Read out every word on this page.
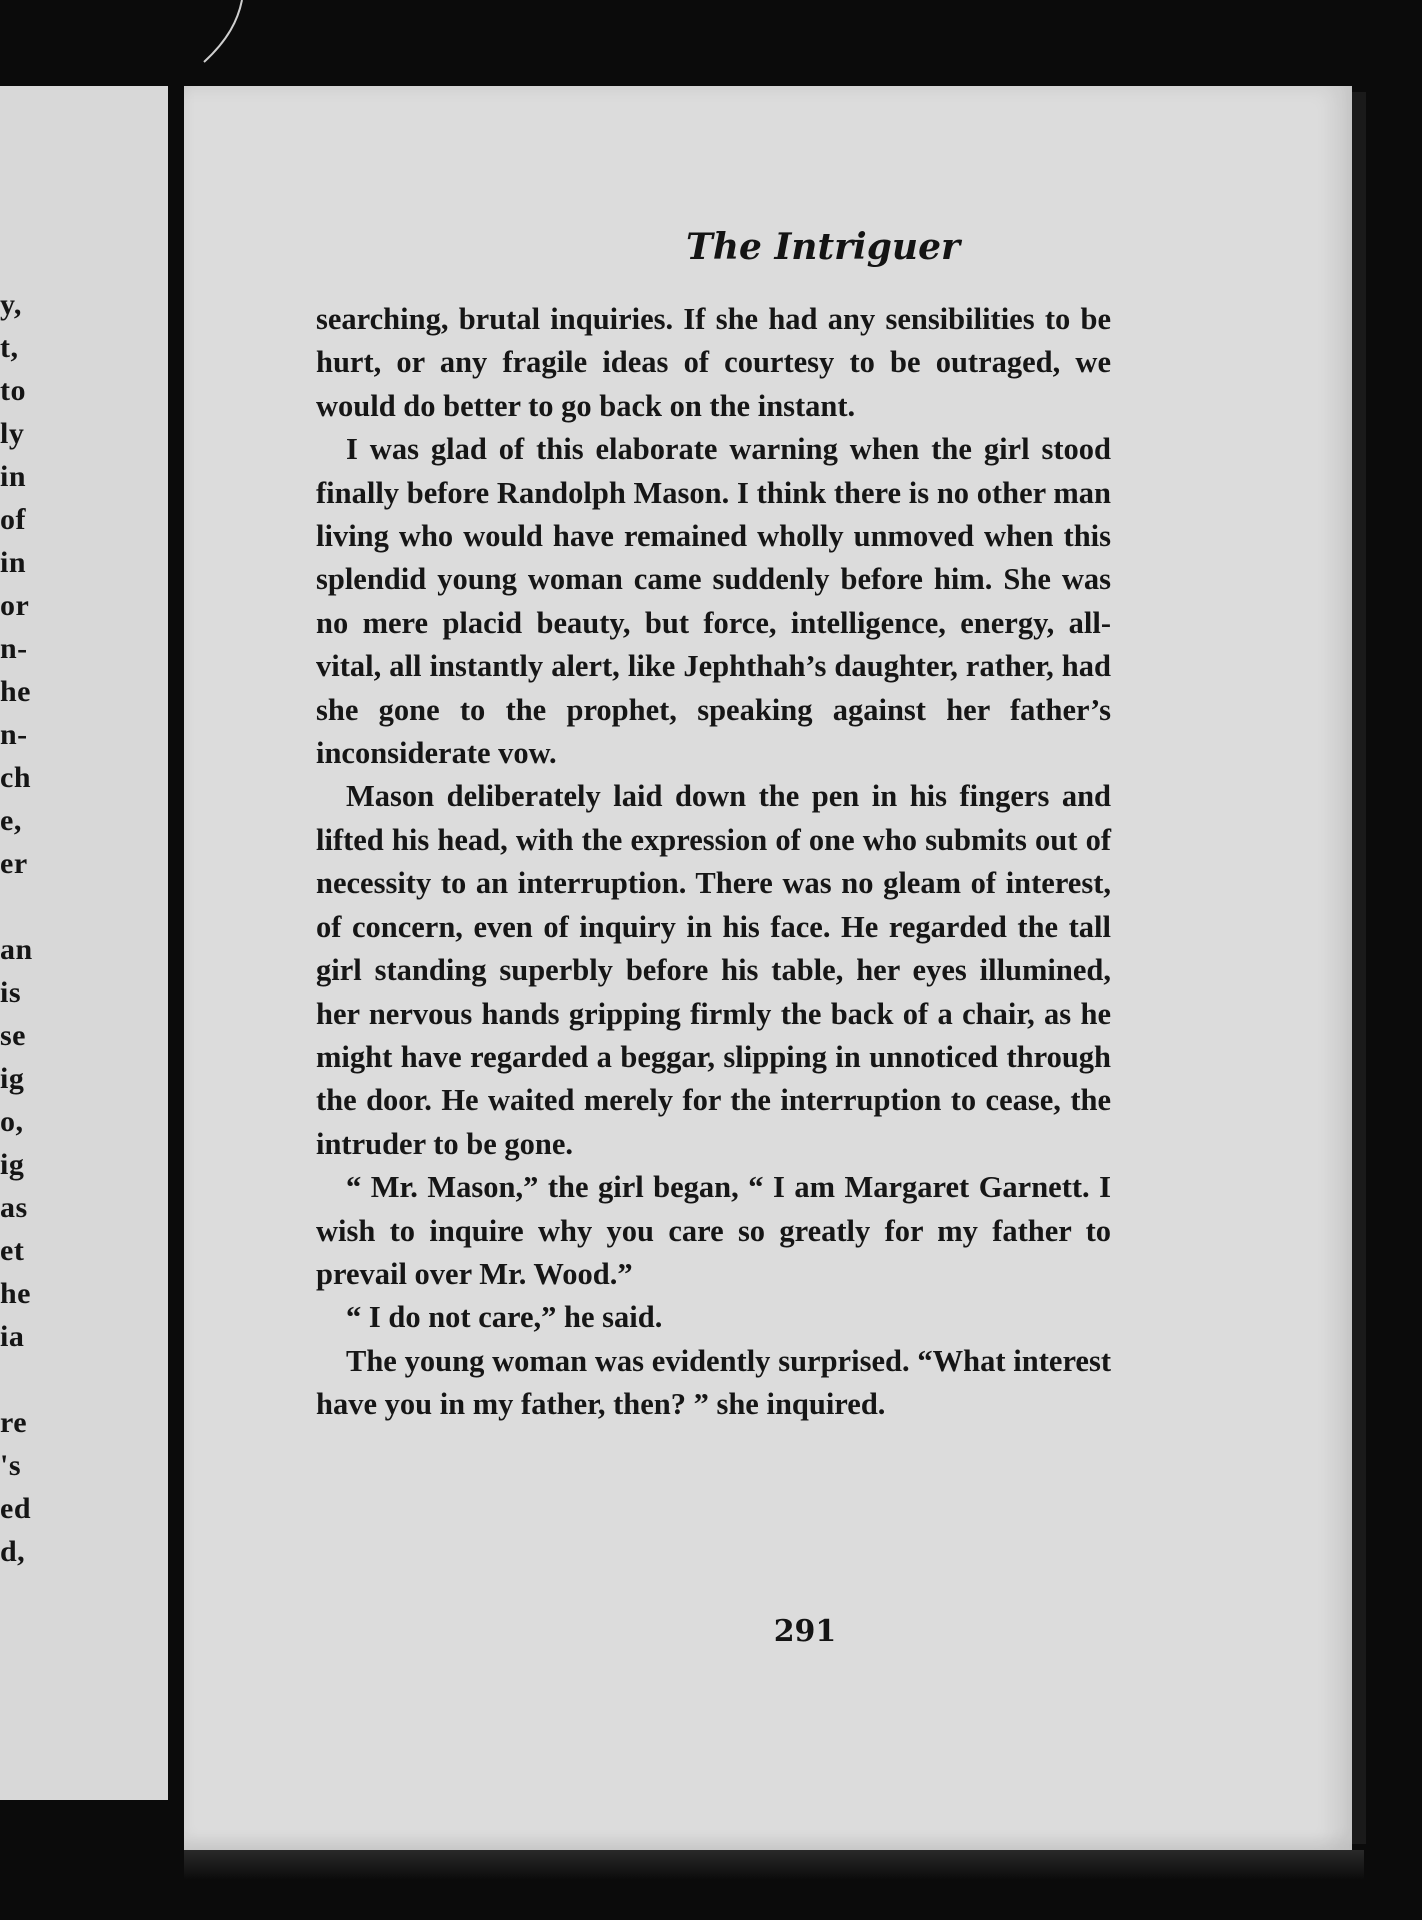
y,
t,
to
ly
in
of
in
or
n-
he
n-
ch
e,
er
an
is
se
ig
o,
ig
as
et
he
ia
re
's
ed
d,
The Intriguer

searching, brutal inquiries. If she had any sensibilities to be hurt, or any fragile ideas of courtesy to be outraged, we would do better to go back on the instant.

I was glad of this elaborate warning when the girl stood finally before Randolph Mason. I think there is no other man living who would have remained wholly unmoved when this splendid young woman came suddenly before him. She was no mere placid beauty, but force, intelligence, energy, all-vital, all instantly alert, like Jephthah’s daughter, rather, had she gone to the prophet, speaking against her father’s inconsiderate vow.

Mason deliberately laid down the pen in his fingers and lifted his head, with the expression of one who submits out of necessity to an interruption. There was no gleam of interest, of concern, even of inquiry in his face. He regarded the tall girl standing superbly before his table, her eyes illumined, her nervous hands gripping firmly the back of a chair, as he might have regarded a beggar, slipping in unnoticed through the door. He waited merely for the interruption to cease, the intruder to be gone.

“ Mr. Mason,” the girl began, “ I am Margaret Garnett. I wish to inquire why you care so greatly for my father to prevail over Mr. Wood.”

“ I do not care,” he said.

The young woman was evidently surprised. “What interest have you in my father, then? ” she inquired.

291
